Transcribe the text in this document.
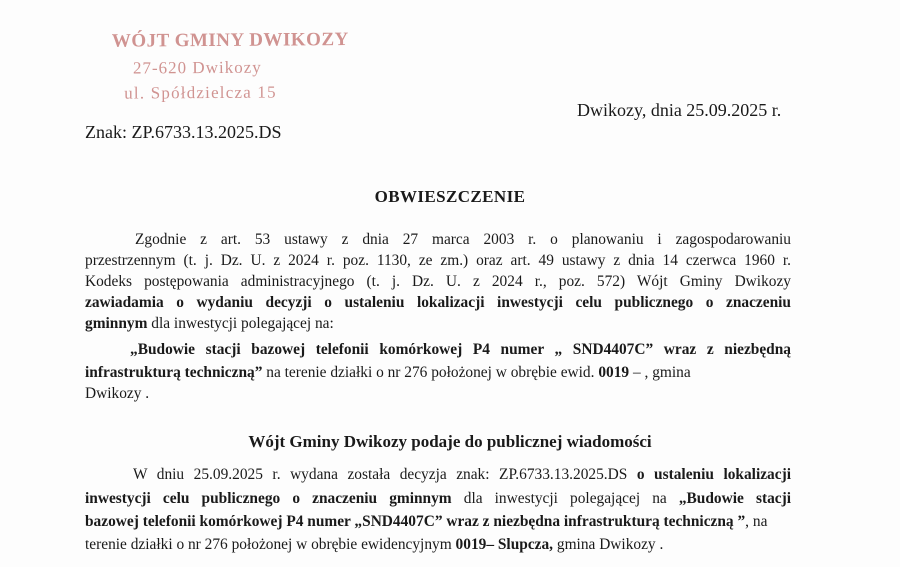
WÓJT GMINY DWIKOZY
27-620 Dwikozy
ul. Spółdzielcza 15
Dwikozy, dnia 25.09.2025 r.
Znak: ZP.6733.13.2025.DS
OBWIESZCZENIE
Zgodnie z art. 53 ustawy z dnia 27 marca 2003 r. o planowaniu i zagospodarowaniu
przestrzennym (t. j. Dz. U. z 2024 r. poz. 1130, ze zm.) oraz art. 49 ustawy z dnia 14 czerwca 1960 r.
Kodeks postępowania administracyjnego (t. j. Dz. U. z 2024 r., poz. 572) Wójt Gminy Dwikozy
zawiadamia o wydaniu decyzji o ustaleniu lokalizacji inwestycji celu publicznego o znaczeniu
gminnym dla inwestycji polegającej na:
„Budowie stacji bazowej telefonii komórkowej P4 numer „ SND4407C” wraz z niezbędną
infrastrukturą techniczną” na terenie działki o nr 276 położonej w obrębie ewid. 0019 – , gmina
Dwikozy .
Wójt Gminy Dwikozy podaje do publicznej wiadomości
W dniu 25.09.2025 r. wydana została decyzja znak: ZP.6733.13.2025.DS o ustaleniu lokalizacji
inwestycji celu publicznego o znaczeniu gminnym dla inwestycji polegającej na „Budowie stacji
bazowej telefonii komórkowej P4 numer „SND4407C” wraz z niezbędna infrastrukturą techniczną ”, na
terenie działki o nr 276 położonej w obrębie ewidencyjnym 0019– Slupcza, gmina Dwikozy .
